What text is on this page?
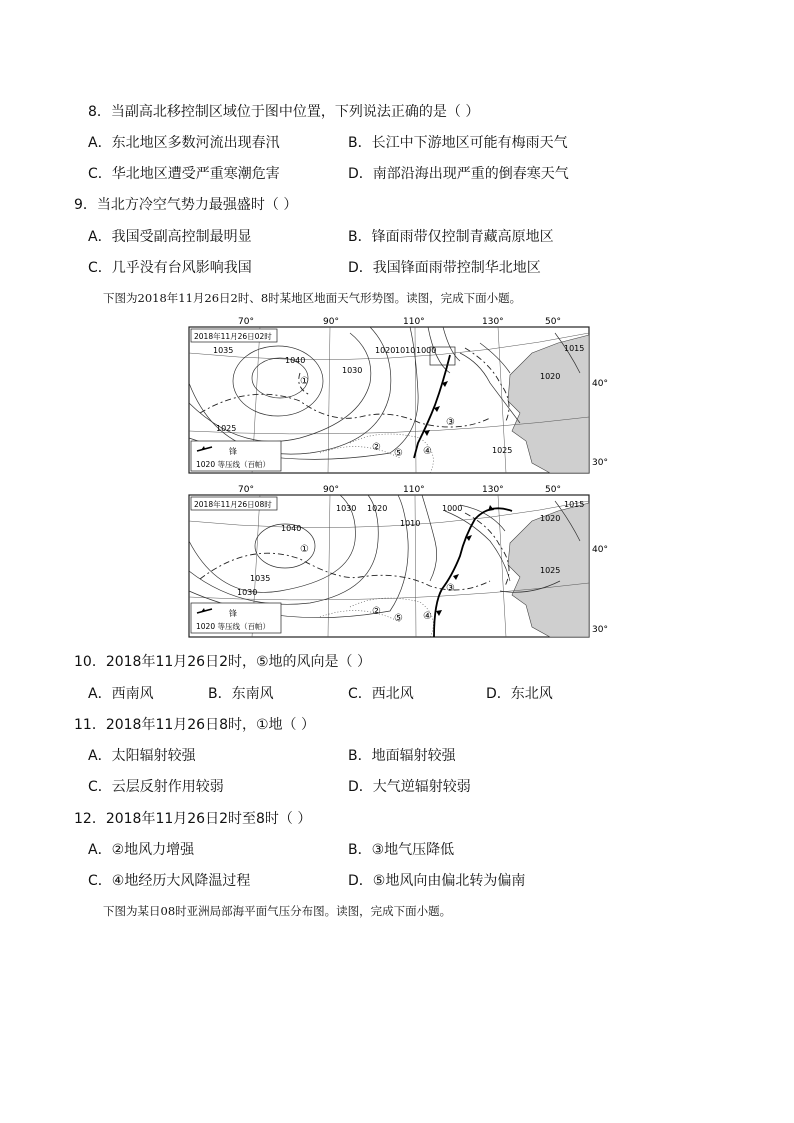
8．当副高北移控制区域位于图中位置，下列说法正确的是（ ）
A．东北地区多数河流出现春汛	B．长江中下游地区可能有梅雨天气
C．华北地区遭受严重寒潮危害	D．南部沿海出现严重的倒春寒天气
9．当北方冷空气势力最强盛时（ ）
A．我国受副高控制最明显	B．锋面雨带仅控制青藏高原地区
C．几乎没有台风影响我国	D．我国锋面雨带控制华北地区
下图为2018年11月26日2时、8时某地区地面天气形势图。读图，完成下面小题。
70°	90°	110°	130°	50°
40°
30°
1035
1040
1030
1025
1020 1010 1000
1020
1015
1025
①
②
③
④
⑤
2018年11月26日02时
锋
1020 等压线（百帕）
70°	90°	110°	130°	50°
40°
30°
1040
1030 1020
1010
1000
1035
1030
1015
1020
1025
①
②
③
④
⑤
2018年11月26日08时
锋
1020 等压线（百帕）
10．2018年11月26日2时，⑤地的风向是（ ）
A．西南风	B．东南风	C．西北风	D．东北风
11．2018年11月26日8时，①地（ ）
A．太阳辐射较强	B．地面辐射较强
C．云层反射作用较弱	D．大气逆辐射较弱
12．2018年11月26日2时至8时（ ）
A．②地风力增强	B．③地气压降低
C．④地经历大风降温过程	D．⑤地风向由偏北转为偏南
下图为某日08时亚洲局部海平面气压分布图。读图，完成下面小题。
